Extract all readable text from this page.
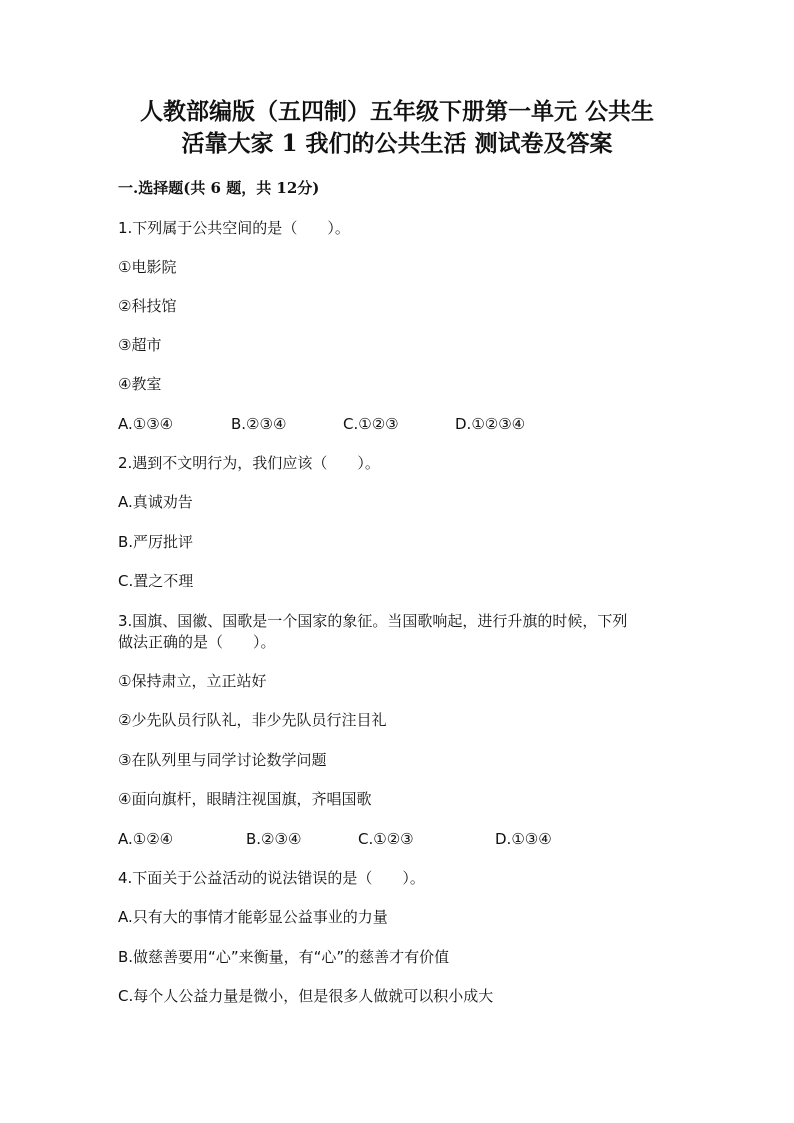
人教部编版（五四制）五年级下册第一单元 公共生
活靠大家 1 我们的公共生活 测试卷及答案
一.选择题(共 6 题，共 12分)
1.下列属于公共空间的是（　　）。
①电影院
②科技馆
③超市
④教室
A.①③④	B.②③④	C.①②③	D.①②③④
2.遇到不文明行为，我们应该（　　）。
A.真诚劝告
B.严厉批评
C.置之不理
3.国旗、国徽、国歌是一个国家的象征。当国歌响起，进行升旗的时候，下列
做法正确的是（　　）。
①保持肃立，立正站好
②少先队员行队礼，非少先队员行注目礼
③在队列里与同学讨论数学问题
④面向旗杆，眼睛注视国旗，齐唱国歌
A.①②④	B.②③④	C.①②③	D.①③④
4.下面关于公益活动的说法错误的是（　　）。
A.只有大的事情才能彰显公益事业的力量
B.做慈善要用“心”来衡量，有“心”的慈善才有价值
C.每个人公益力量是微小，但是很多人做就可以积小成大
